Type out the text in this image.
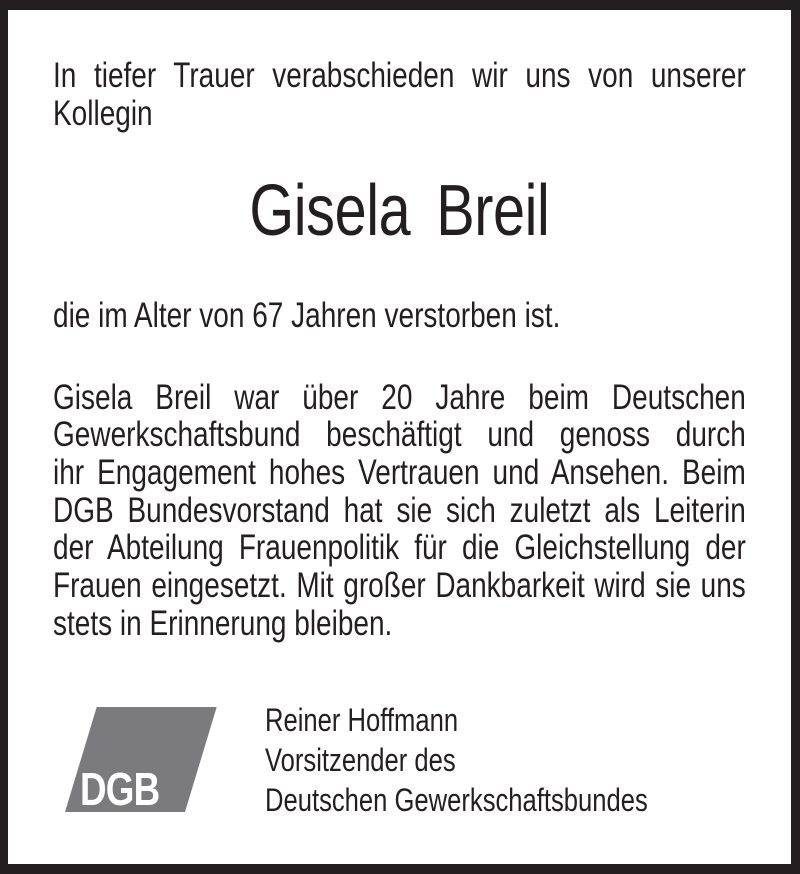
In tiefer Trauer verabschieden wir uns von unserer
Kollegin
Gisela Breil
die im Alter von 67 Jahren verstorben ist.
Gisela Breil war über 20 Jahre beim Deutschen
Gewerkschaftsbund beschäftigt und genoss durch
ihr Engagement hohes Vertrauen und Ansehen. Beim
DGB Bundesvorstand hat sie sich zuletzt als Leiterin
der Abteilung Frauenpolitik für die Gleichstellung der
Frauen eingesetzt. Mit großer Dankbarkeit wird sie uns
stets in Erinnerung bleiben.
DGB
Reiner Hoffmann
Vorsitzender des
Deutschen Gewerkschaftsbundes
